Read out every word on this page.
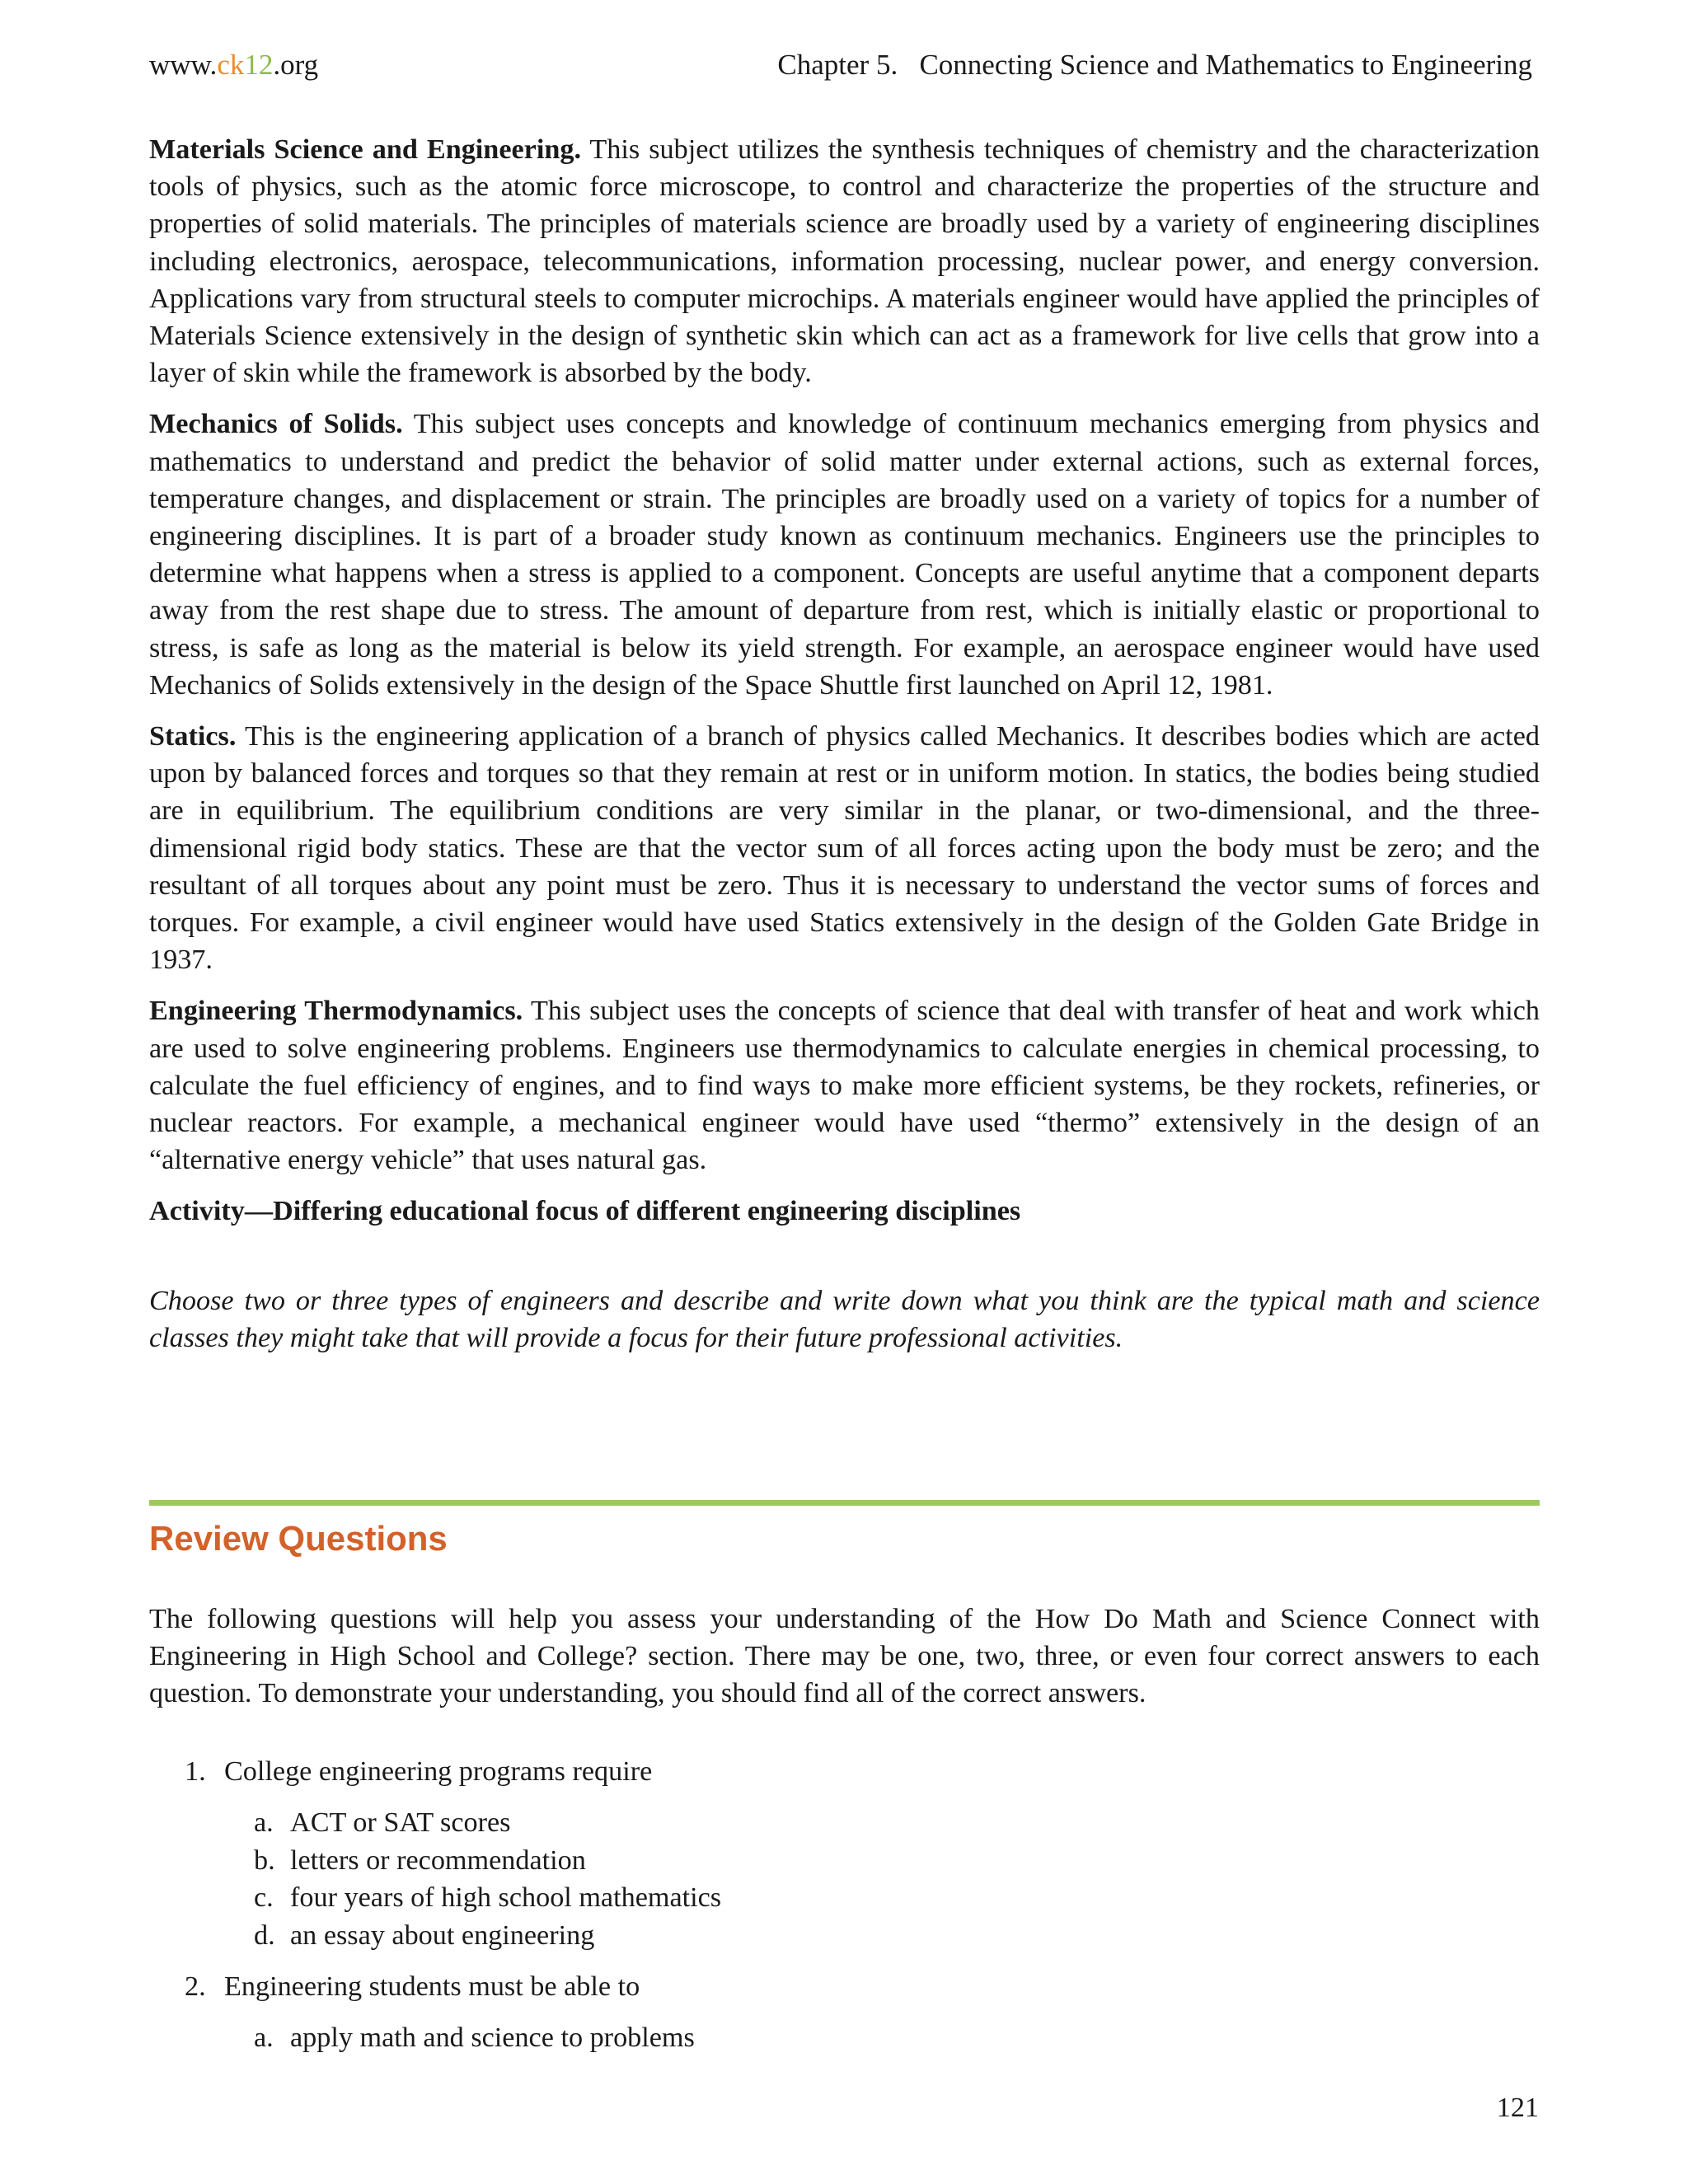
www.ck12.org	Chapter 5.   Connecting Science and Mathematics to Engineering

Materials Science and Engineering. This subject utilizes the synthesis techniques of chemistry and the characterization tools of physics, such as the atomic force microscope, to control and characterize the properties of the structure and properties of solid materials. The principles of materials science are broadly used by a variety of engineering disciplines including electronics, aerospace, telecommunications, information processing, nuclear power, and energy conversion. Applications vary from structural steels to computer microchips. A materials engineer would have applied the principles of Materials Science extensively in the design of synthetic skin which can act as a framework for live cells that grow into a layer of skin while the framework is absorbed by the body.

Mechanics of Solids. This subject uses concepts and knowledge of continuum mechanics emerging from physics and mathematics to understand and predict the behavior of solid matter under external actions, such as external forces, temperature changes, and displacement or strain. The principles are broadly used on a variety of topics for a number of engineering disciplines. It is part of a broader study known as continuum mechanics. Engineers use the principles to determine what happens when a stress is applied to a component. Concepts are useful anytime that a component departs away from the rest shape due to stress. The amount of departure from rest, which is initially elastic or proportional to stress, is safe as long as the material is below its yield strength. For example, an aerospace engineer would have used Mechanics of Solids extensively in the design of the Space Shuttle first launched on April 12, 1981.

Statics. This is the engineering application of a branch of physics called Mechanics. It describes bodies which are acted upon by balanced forces and torques so that they remain at rest or in uniform motion. In statics, the bodies being studied are in equilibrium. The equilibrium conditions are very similar in the planar, or two-dimensional, and the three-dimensional rigid body statics. These are that the vector sum of all forces acting upon the body must be zero; and the resultant of all torques about any point must be zero. Thus it is necessary to understand the vector sums of forces and torques. For example, a civil engineer would have used Statics extensively in the design of the Golden Gate Bridge in 1937.

Engineering Thermodynamics. This subject uses the concepts of science that deal with transfer of heat and work which are used to solve engineering problems. Engineers use thermodynamics to calculate energies in chemical processing, to calculate the fuel efficiency of engines, and to find ways to make more efficient systems, be they rockets, refineries, or nuclear reactors. For example, a mechanical engineer would have used “thermo” extensively in the design of an “alternative energy vehicle” that uses natural gas.

Activity—Differing educational focus of different engineering disciplines

Choose two or three types of engineers and describe and write down what you think are the typical math and science classes they might take that will provide a focus for their future professional activities.

Review Questions

The following questions will help you assess your understanding of the How Do Math and Science Connect with Engineering in High School and College? section. There may be one, two, three, or even four correct answers to each question. To demonstrate your understanding, you should find all of the correct answers.

1. College engineering programs require
a. ACT or SAT scores
b. letters or recommendation
c. four years of high school mathematics
d. an essay about engineering
2. Engineering students must be able to
a. apply math and science to problems
121
